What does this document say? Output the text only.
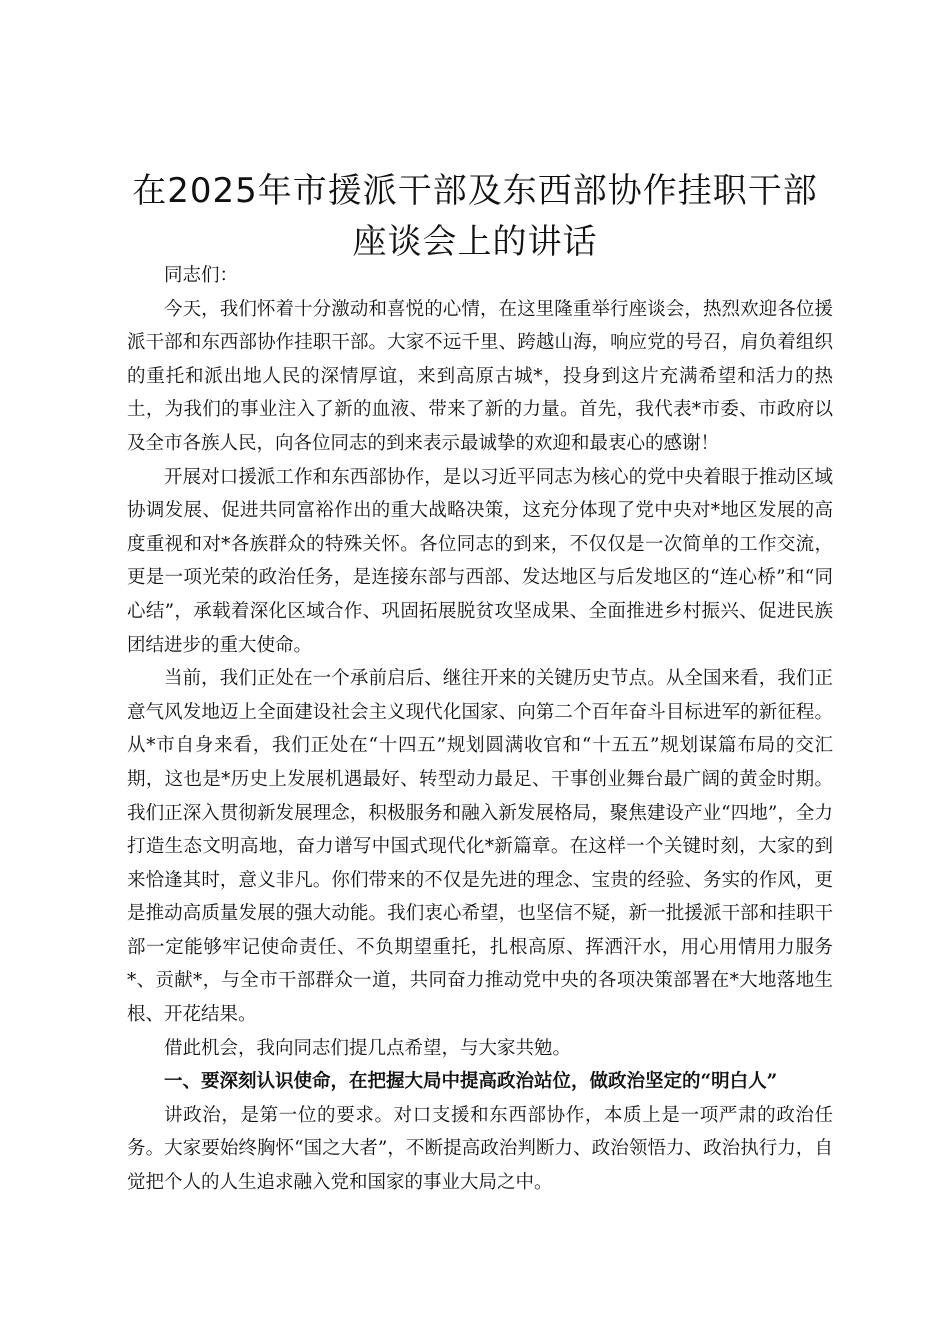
在2025年市援派干部及东西部协作挂职干部
座谈会上的讲话

同志们：

今天，我们怀着十分激动和喜悦的心情，在这里隆重举行座谈会，热烈欢迎各位援派干部和东西部协作挂职干部。大家不远千里、跨越山海，响应党的号召，肩负着组织的重托和派出地人民的深情厚谊，来到高原古城*，投身到这片充满希望和活力的热土，为我们的事业注入了新的血液、带来了新的力量。首先，我代表*市委、市政府以及全市各族人民，向各位同志的到来表示最诚挚的欢迎和最衷心的感谢！

开展对口援派工作和东西部协作，是以习近平同志为核心的党中央着眼于推动区域协调发展、促进共同富裕作出的重大战略决策，这充分体现了党中央对*地区发展的高度重视和对*各族群众的特殊关怀。各位同志的到来，不仅仅是一次简单的工作交流，更是一项光荣的政治任务，是连接东部与西部、发达地区与后发地区的“连心桥”和“同心结”，承载着深化区域合作、巩固拓展脱贫攻坚成果、全面推进乡村振兴、促进民族团结进步的重大使命。

当前，我们正处在一个承前启后、继往开来的关键历史节点。从全国来看，我们正意气风发地迈上全面建设社会主义现代化国家、向第二个百年奋斗目标进军的新征程。从*市自身来看，我们正处在“十四五”规划圆满收官和“十五五”规划谋篇布局的交汇期，这也是*历史上发展机遇最好、转型动力最足、干事创业舞台最广阔的黄金时期。我们正深入贯彻新发展理念，积极服务和融入新发展格局，聚焦建设产业“四地”，全力打造生态文明高地，奋力谱写中国式现代化*新篇章。在这样一个关键时刻，大家的到来恰逢其时，意义非凡。你们带来的不仅是先进的理念、宝贵的经验、务实的作风，更是推动高质量发展的强大动能。我们衷心希望，也坚信不疑，新一批援派干部和挂职干部一定能够牢记使命责任、不负期望重托，扎根高原、挥洒汗水，用心用情用力服务*、贡献*，与全市干部群众一道，共同奋力推动党中央的各项决策部署在*大地落地生根、开花结果。

借此机会，我向同志们提几点希望，与大家共勉。

一、要深刻认识使命，在把握大局中提高政治站位，做政治坚定的“明白人”

讲政治，是第一位的要求。对口支援和东西部协作，本质上是一项严肃的政治任务。大家要始终胸怀“国之大者”，不断提高政治判断力、政治领悟力、政治执行力，自觉把个人的人生追求融入党和国家的事业大局之中。
